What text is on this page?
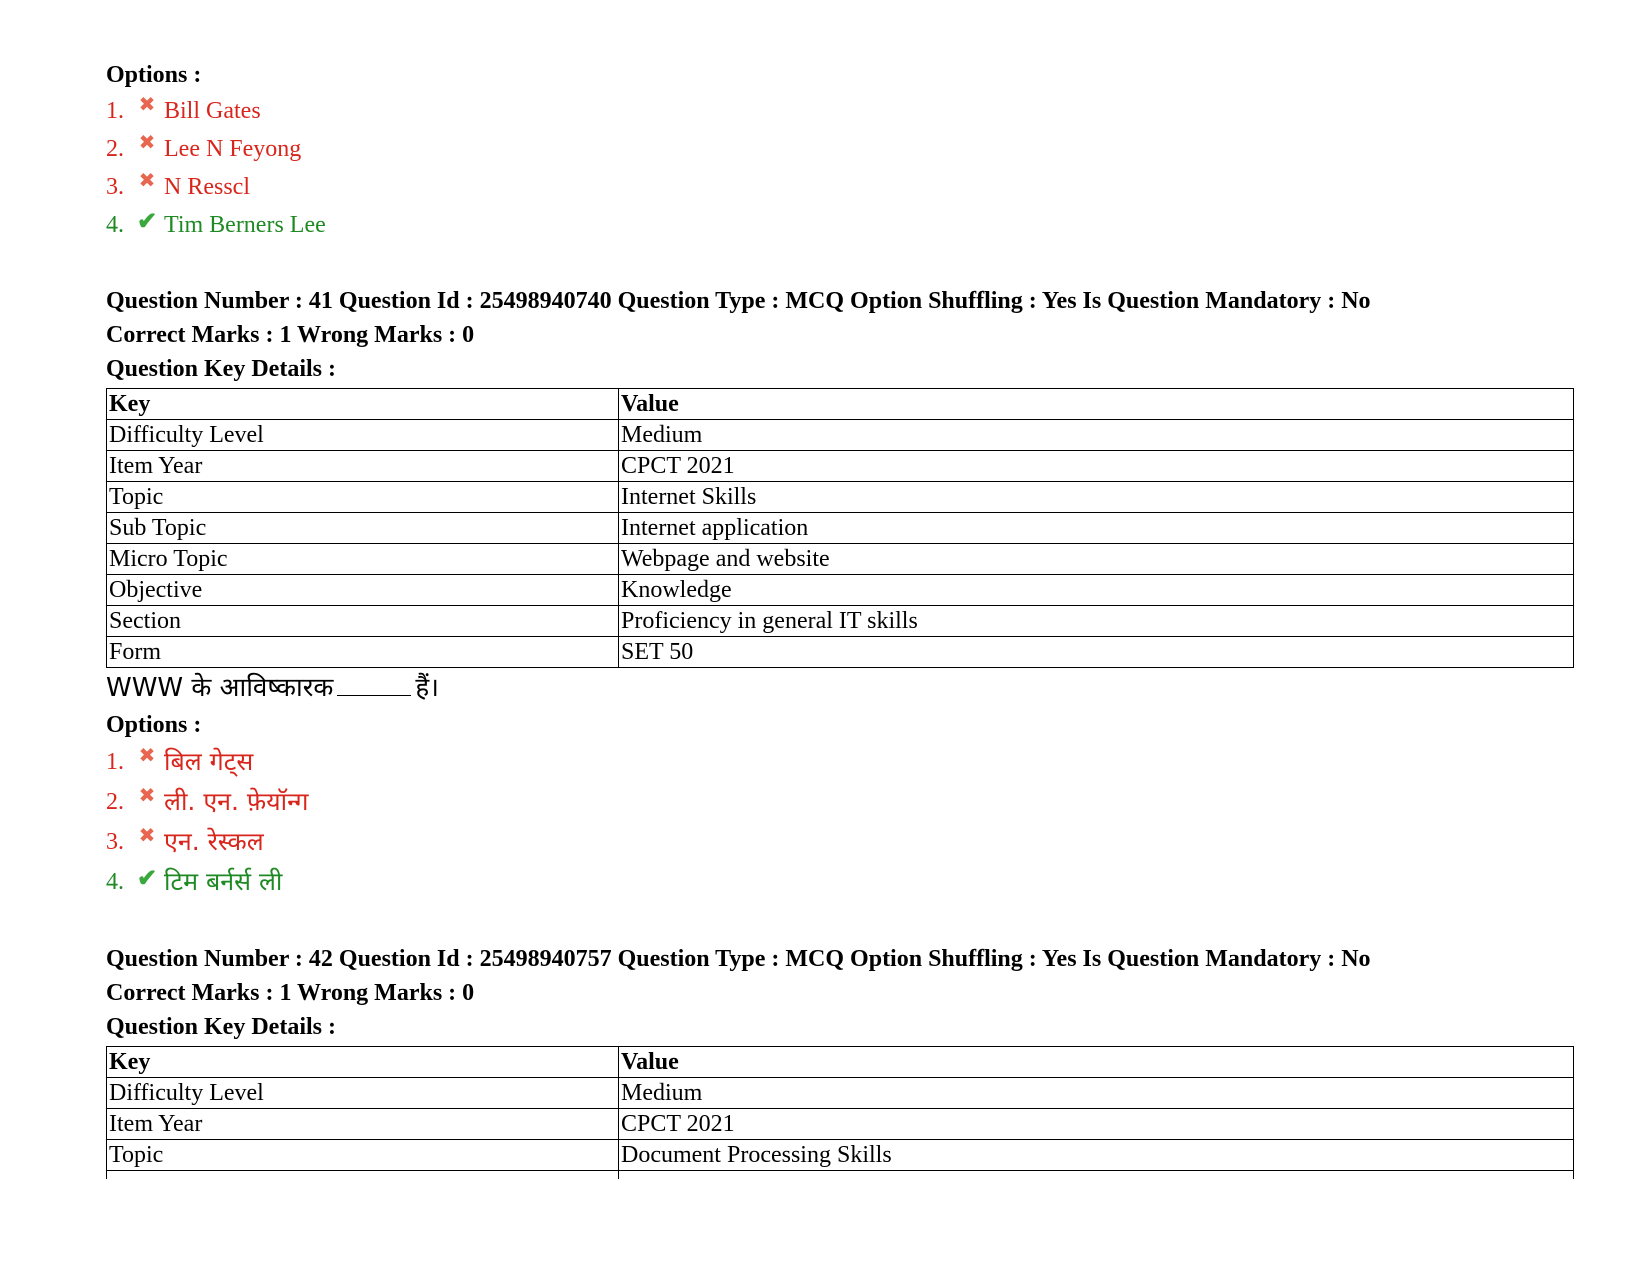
Options :

1. ✖ Bill Gates
2. ✖ Lee N Feyong
3. ✖ N Resscl
4. ✔ Tim Berners Lee
Question Number : 41 Question Id : 25498940740 Question Type : MCQ Option Shuffling : Yes Is Question Mandatory : No
Correct Marks : 1 Wrong Marks : 0
Question Key Details :
Key	Value
Difficulty Level	Medium
Item Year	CPCT 2021
Topic	Internet Skills
Sub Topic	Internet application
Micro Topic	Webpage and website
Objective	Knowledge
Section	Proficiency in general IT skills
Form	SET 50
WWW के आविष्कारक	हैं।

Options :

1. ✖ बिल गेट्स
2. ✖ ली. एन. फ़ेयॉन्ग
3. ✖ एन. रेस्कल
4. ✔ टिम बर्नर्स ली
Question Number : 42 Question Id : 25498940757 Question Type : MCQ Option Shuffling : Yes Is Question Mandatory : No
Correct Marks : 1 Wrong Marks : 0
Question Key Details :
Key	Value
Difficulty Level	Medium
Item Year	CPCT 2021
Topic	Document Processing Skills
